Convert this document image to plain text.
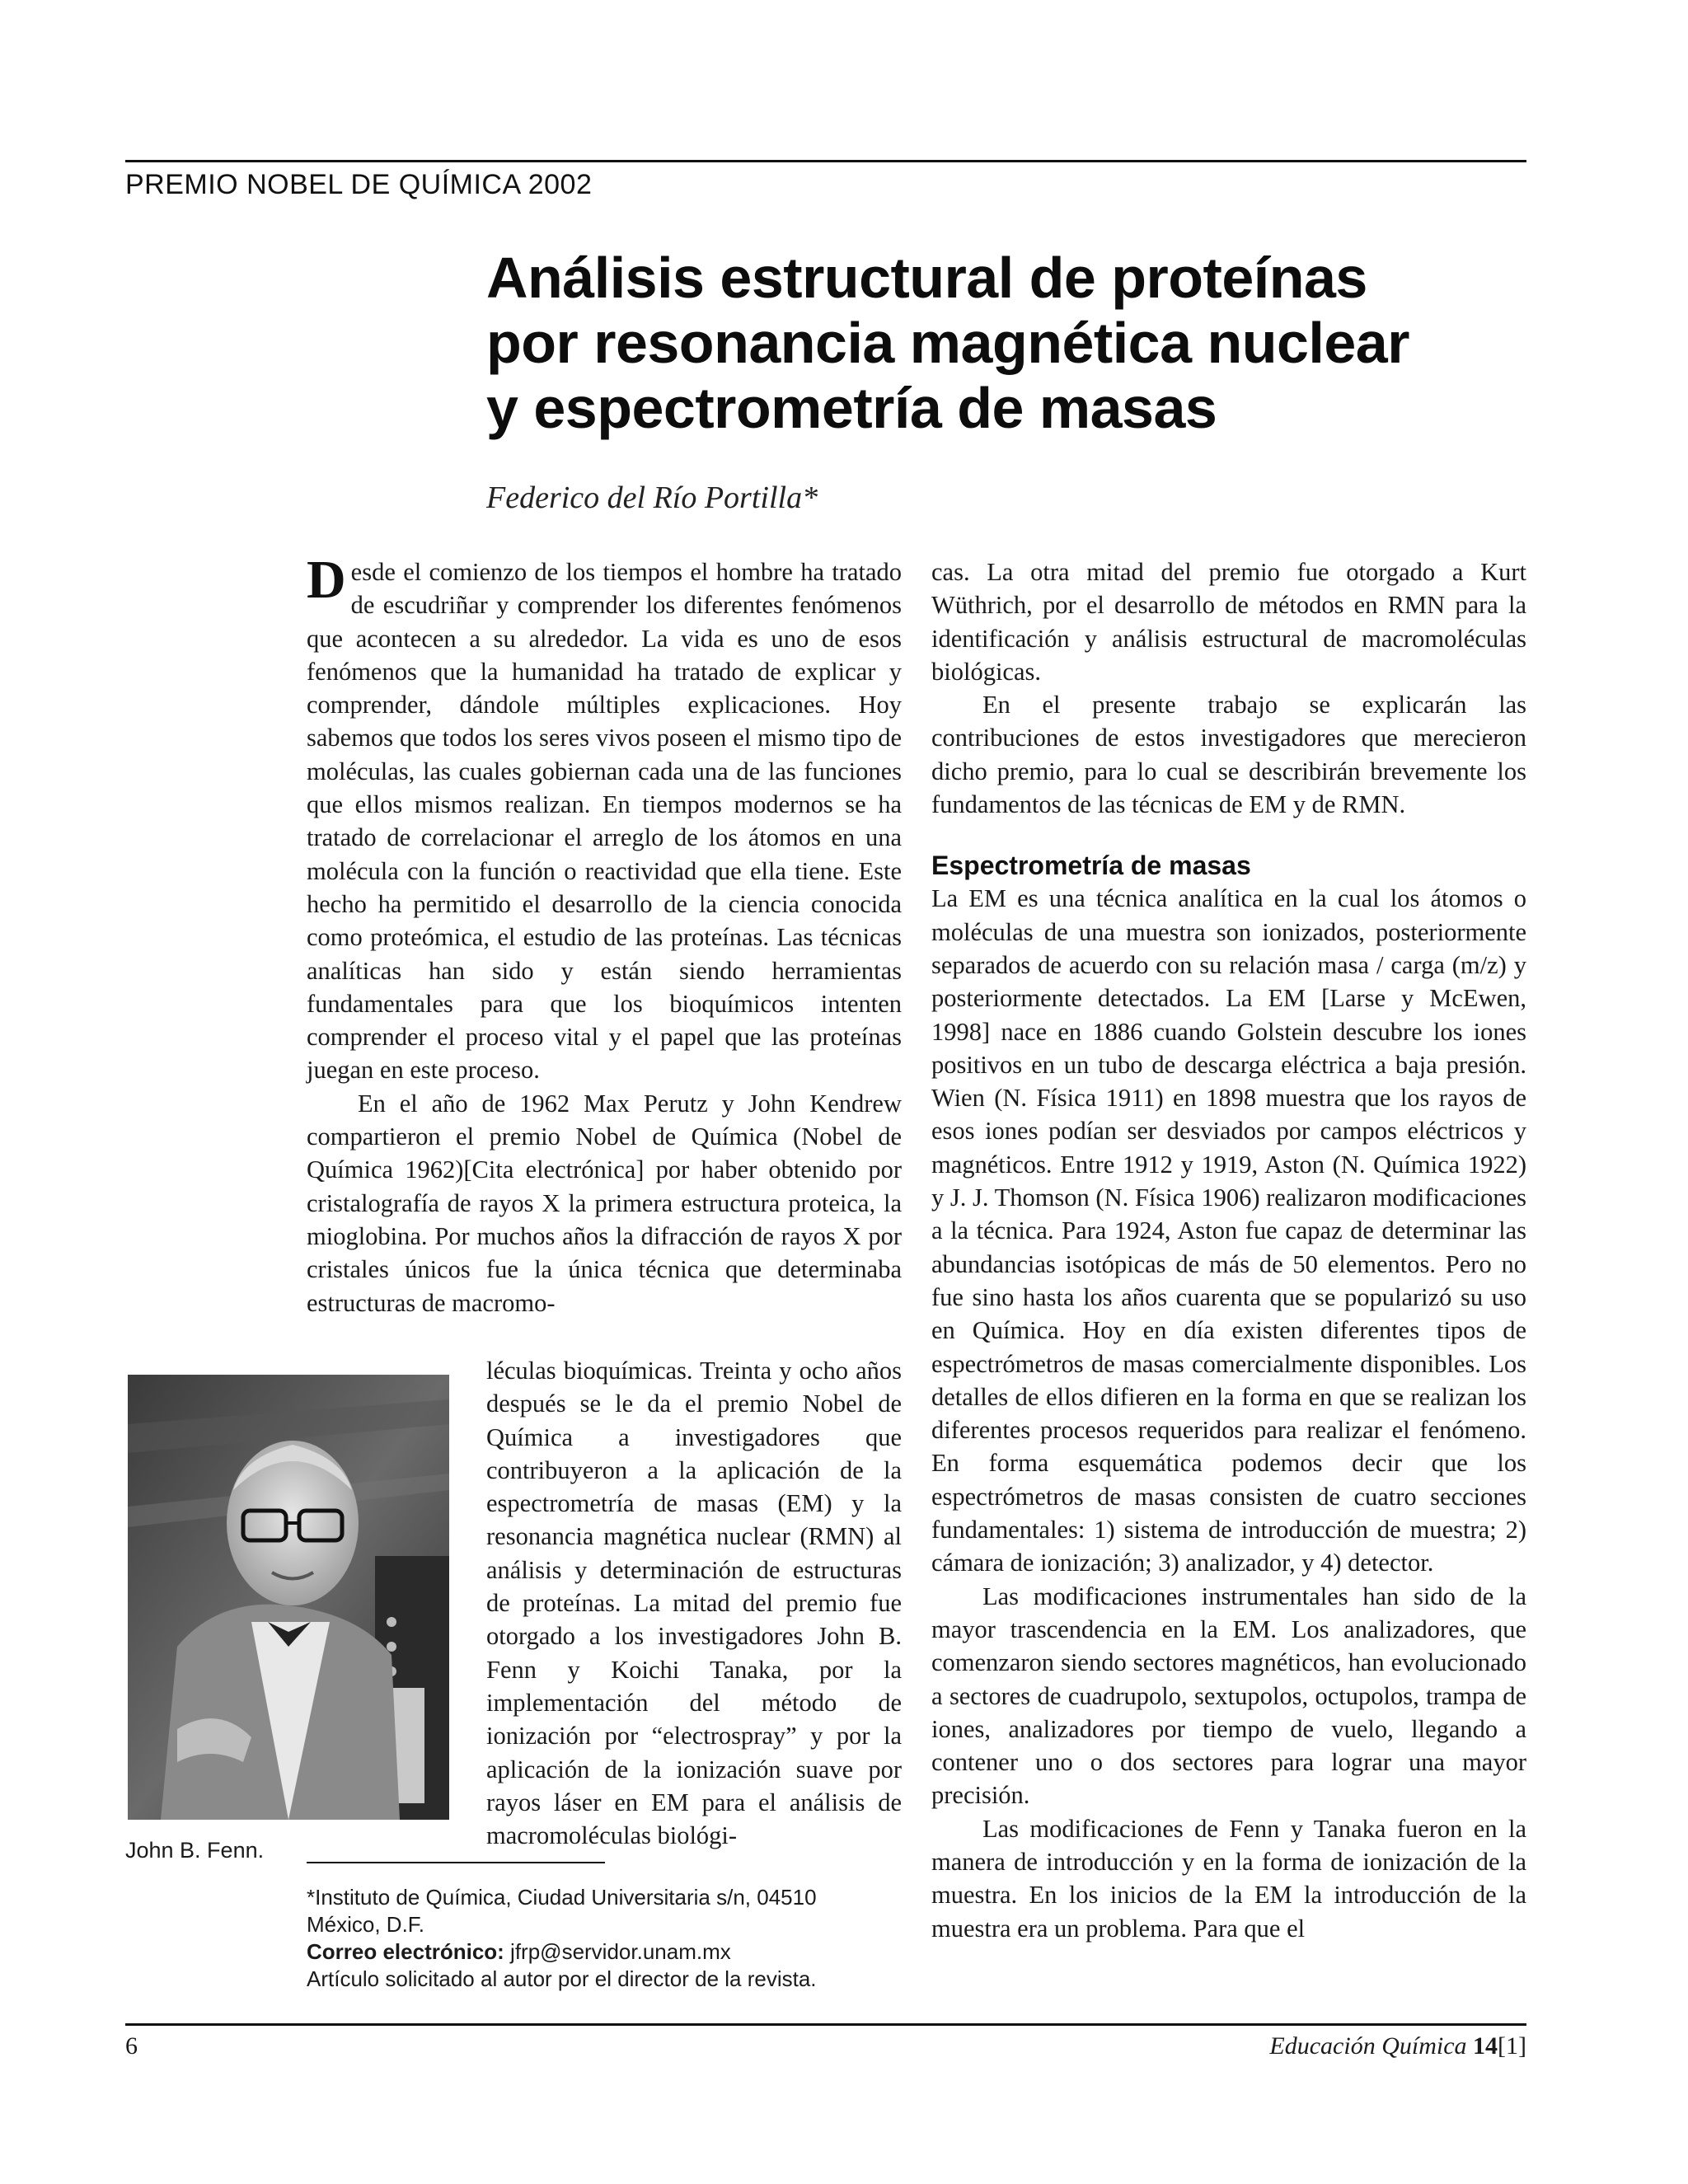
PREMIO NOBEL DE QUÍMICA 2002
Análisis estructural de proteínas
por resonancia magnética nuclear
y espectrometría de masas
Federico del Río Portilla*

Desde el comienzo de los tiempos el hombre ha tratado de escudriñar y comprender los diferentes fenómenos que acontecen a su alrededor. La vida es uno de esos fenómenos que la humanidad ha tratado de explicar y comprender, dándole múltiples explicaciones. Hoy sabemos que todos los seres vivos poseen el mismo tipo de moléculas, las cuales gobiernan cada una de las funciones que ellos mismos realizan. En tiempos modernos se ha tratado de correlacionar el arreglo de los átomos en una molécula con la función o reactividad que ella tiene. Este hecho ha permitido el desarrollo de la ciencia conocida como proteómica, el estudio de las proteínas. Las técnicas analíticas han sido y están siendo herramientas fundamentales para que los bioquímicos intenten comprender el proceso vital y el papel que las proteínas juegan en este proceso.

En el año de 1962 Max Perutz y John Kendrew compartieron el premio Nobel de Química (Nobel de Química 1962)[Cita electrónica] por haber obtenido por cristalografía de rayos X la primera estructura proteica, la mioglobina. Por muchos años la difracción de rayos X por cristales únicos fue la única técnica que determinaba estructuras de macromo-

léculas bioquímicas. Treinta y ocho años después se le da el premio Nobel de Química a investigadores que contribuyeron a la aplicación de la espectrometría de masas (EM) y la resonancia magnética nuclear (RMN) al análisis y determinación de estructuras de proteínas. La mitad del premio fue otorgado a los investigadores John B. Fenn y Koichi Tanaka, por la implementación del método de ionización por “electrospray” y por la aplicación de la ionización suave por rayos láser en EM para el análisis de macromoléculas biológi-

John B. Fenn.

cas. La otra mitad del premio fue otorgado a Kurt Wüthrich, por el desarrollo de métodos en RMN para la identificación y análisis estructural de macromoléculas biológicas.

En el presente trabajo se explicarán las contribuciones de estos investigadores que merecieron dicho premio, para lo cual se describirán brevemente los fundamentos de las técnicas de EM y de RMN.

Espectrometría de masas

La EM es una técnica analítica en la cual los átomos o moléculas de una muestra son ionizados, posteriormente separados de acuerdo con su relación masa / carga (m/z) y posteriormente detectados. La EM [Larse y McEwen, 1998] nace en 1886 cuando Golstein descubre los iones positivos en un tubo de descarga eléctrica a baja presión. Wien (N. Física 1911) en 1898 muestra que los rayos de esos iones podían ser desviados por campos eléctricos y magnéticos. Entre 1912 y 1919, Aston (N. Química 1922) y J. J. Thomson (N. Física 1906) realizaron modificaciones a la técnica. Para 1924, Aston fue capaz de determinar las abundancias isotópicas de más de 50 elementos. Pero no fue sino hasta los años cuarenta que se popularizó su uso en Química. Hoy en día existen diferentes tipos de espectrómetros de masas comercialmente disponibles. Los detalles de ellos difieren en la forma en que se realizan los diferentes procesos requeridos para realizar el fenómeno. En forma esquemática podemos decir que los espectrómetros de masas consisten de cuatro secciones fundamentales: 1) sistema de introducción de muestra; 2) cámara de ionización; 3) analizador, y 4) detector.

Las modificaciones instrumentales han sido de la mayor trascendencia en la EM. Los analizadores, que comenzaron siendo sectores magnéticos, han evolucionado a sectores de cuadrupolo, sextupolos, octupolos, trampa de iones, analizadores por tiempo de vuelo, llegando a contener uno o dos sectores para lograr una mayor precisión.

Las modificaciones de Fenn y Tanaka fueron en la manera de introducción y en la forma de ionización de la muestra. En los inicios de la EM la introducción de la muestra era un problema. Para que el

*Instituto de Química, Ciudad Universitaria s/n, 04510
México, D.F.
Correo electrónico: jfrp@servidor.unam.mx
Artículo solicitado al autor por el director de la revista.
6	Educación Química 14[1]
